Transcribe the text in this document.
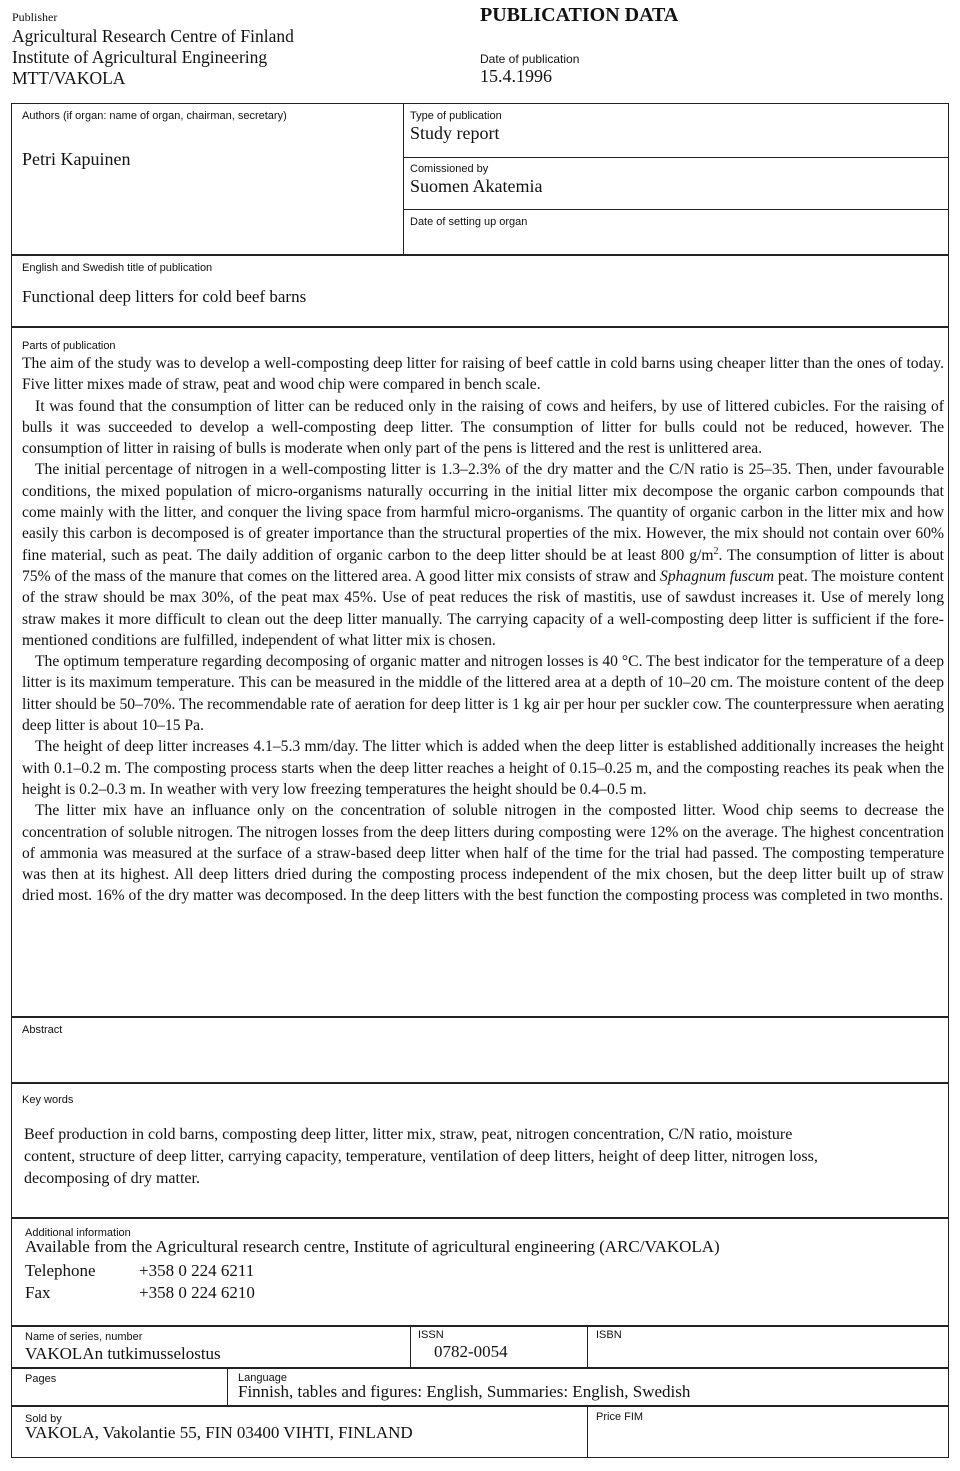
Publisher
Agricultural Research Centre of Finland
Institute of Agricultural Engineering
MTT/VAKOLA
PUBLICATION DATA
Date of publication
15.4.1996
Authors (if organ: name of organ, chairman, secretary)
Petri Kapuinen
Type of publication
Study report
Comissioned by
Suomen Akatemia
Date of setting up organ
English and Swedish title of publication
Functional deep litters for cold beef barns
Parts of publication

The aim of the study was to develop a well-composting deep litter for raising of beef cattle in cold barns using cheaper litter than the ones of today. Five litter mixes made of straw, peat and wood chip were compared in bench scale.

It was found that the consumption of litter can be reduced only in the raising of cows and heifers, by use of littered cubicles. For the raising of bulls it was succeeded to develop a well-composting deep litter. The consumption of litter for bulls could not be reduced, however. The consumption of litter in raising of bulls is moderate when only part of the pens is littered and the rest is unlittered area.

The initial percentage of nitrogen in a well-composting litter is 1.3–2.3% of the dry matter and the C/N ratio is 25–35. Then, under favourable conditions, the mixed population of micro-organisms naturally occurring in the initial litter mix decompose the organic carbon compounds that come mainly with the litter, and conquer the living space from harmful micro-organisms. The quantity of organic carbon in the litter mix and how easily this carbon is decomposed is of greater importance than the structural properties of the mix. However, the mix should not contain over 60% fine material, such as peat. The daily addition of organic carbon to the deep litter should be at least 800 $g/m^2$. The consumption of litter is about 75% of the mass of the manure that comes on the littered area. A good litter mix consists of straw and Sphagnum fuscum peat. The moisture content of the straw should be max 30%, of the peat max 45%. Use of peat reduces the risk of mastitis, use of sawdust increases it. Use of merely long straw makes it more difficult to clean out the deep litter manually. The carrying capacity of a well-composting deep litter is sufficient if the fore-mentioned conditions are fulfilled, independent of what litter mix is chosen.

The optimum temperature regarding decomposing of organic matter and nitrogen losses is 40 °C. The best indicator for the temperature of a deep litter is its maximum temperature. This can be measured in the middle of the littered area at a depth of 10–20 cm. The moisture content of the deep litter should be 50–70%. The recommendable rate of aeration for deep litter is 1 kg air per hour per suckler cow. The counterpressure when aerating deep litter is about 10–15 Pa.

The height of deep litter increases 4.1–5.3 mm/day. The litter which is added when the deep litter is established additionally increases the height with 0.1–0.2 m. The composting process starts when the deep litter reaches a height of 0.15–0.25 m, and the composting reaches its peak when the height is 0.2–0.3 m. In weather with very low freezing temperatures the height should be 0.4–0.5 m.

The litter mix have an influance only on the concentration of soluble nitrogen in the composted litter. Wood chip seems to decrease the concentration of soluble nitrogen. The nitrogen losses from the deep litters during composting were 12% on the average. The highest concentration of ammonia was measured at the surface of a straw-based deep litter when half of the time for the trial had passed. The composting temperature was then at its highest. All deep litters dried during the composting process independent of the mix chosen, but the deep litter built up of straw dried most. 16% of the dry matter was decomposed. In the deep litters with the best function the composting process was completed in two months.

Abstract
Key words
Beef production in cold barns, composting deep litter, litter mix, straw, peat, nitrogen concentration, C/N ratio, moisture
content, structure of deep litter, carrying capacity, temperature, ventilation of deep litters, height of deep litter, nitrogen loss,
decomposing of dry matter.
Additional information
Available from the Agricultural research centre, Institute of agricultural engineering (ARC/VAKOLA)
Telephone	+358 0 224 6211
Fax	+358 0 224 6210
Name of series, number
VAKOLAn tutkimusselostus
ISSN
0782-0054
ISBN
Pages	Language
Finnish, tables and figures: English, Summaries: English, Swedish
Sold by
VAKOLA, Vakolantie 55, FIN 03400 VIHTI, FINLAND
Price FIM
